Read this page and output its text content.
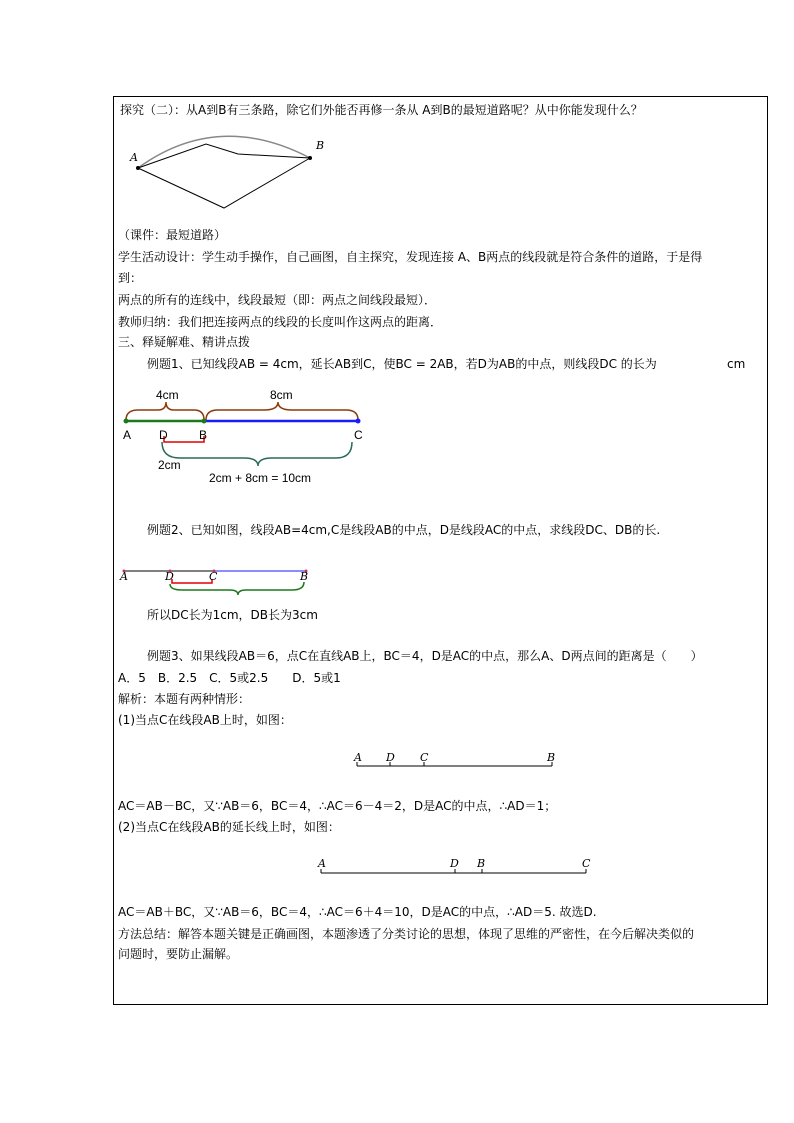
探究（二）：从A到B有三条路，除它们外能否再修一条从 A到B的最短道路呢？从中你能发现什么？
A
B
（课件：最短道路）
学生活动设计：学生动手操作，自己画图，自主探究，发现连接 A、B两点的线段就是符合条件的道路，于是得
到：
两点的所有的连线中，线段最短（即：两点之间线段最短）．
教师归纳：我们把连接两点的线段的长度叫作这两点的距离．
三、释疑解难、精讲点拨
例题1、已知线段AB = 4cm，延长AB到C，使BC = 2AB，若D为AB的中点，则线段DC 的长为	cm
4cm	8cm
A D	B	C
2cm
2cm + 8cm = 10cm
例题2、已知如图，线段AB=4cm,C是线段AB的中点，D是线段AC的中点，求线段DC、DB的长.
A	D	C	B
所以DC长为1cm，DB长为3cm
例题3、如果线段AB＝6，点C在直线AB上，BC＝4，D是AC的中点，那么A、D两点间的距离是（　　）
A．5　B．2.5　C．5或2.5　　D．5或1
解析：本题有两种情形：
(1)当点C在线段AB上时，如图：
A D C	B
AC＝AB－BC，又∵AB＝6，BC＝4，∴AC＝6－4＝2，D是AC的中点，∴AD＝1；
(2)当点C在线段AB的延长线上时，如图：
A	D B	C
AC＝AB＋BC，又∵AB＝6，BC＝4，∴AC＝6＋4＝10，D是AC的中点，∴AD＝5. 故选D.
方法总结：解答本题关键是正确画图，本题渗透了分类讨论的思想，体现了思维的严密性，在今后解决类似的
问题时，要防止漏解。
